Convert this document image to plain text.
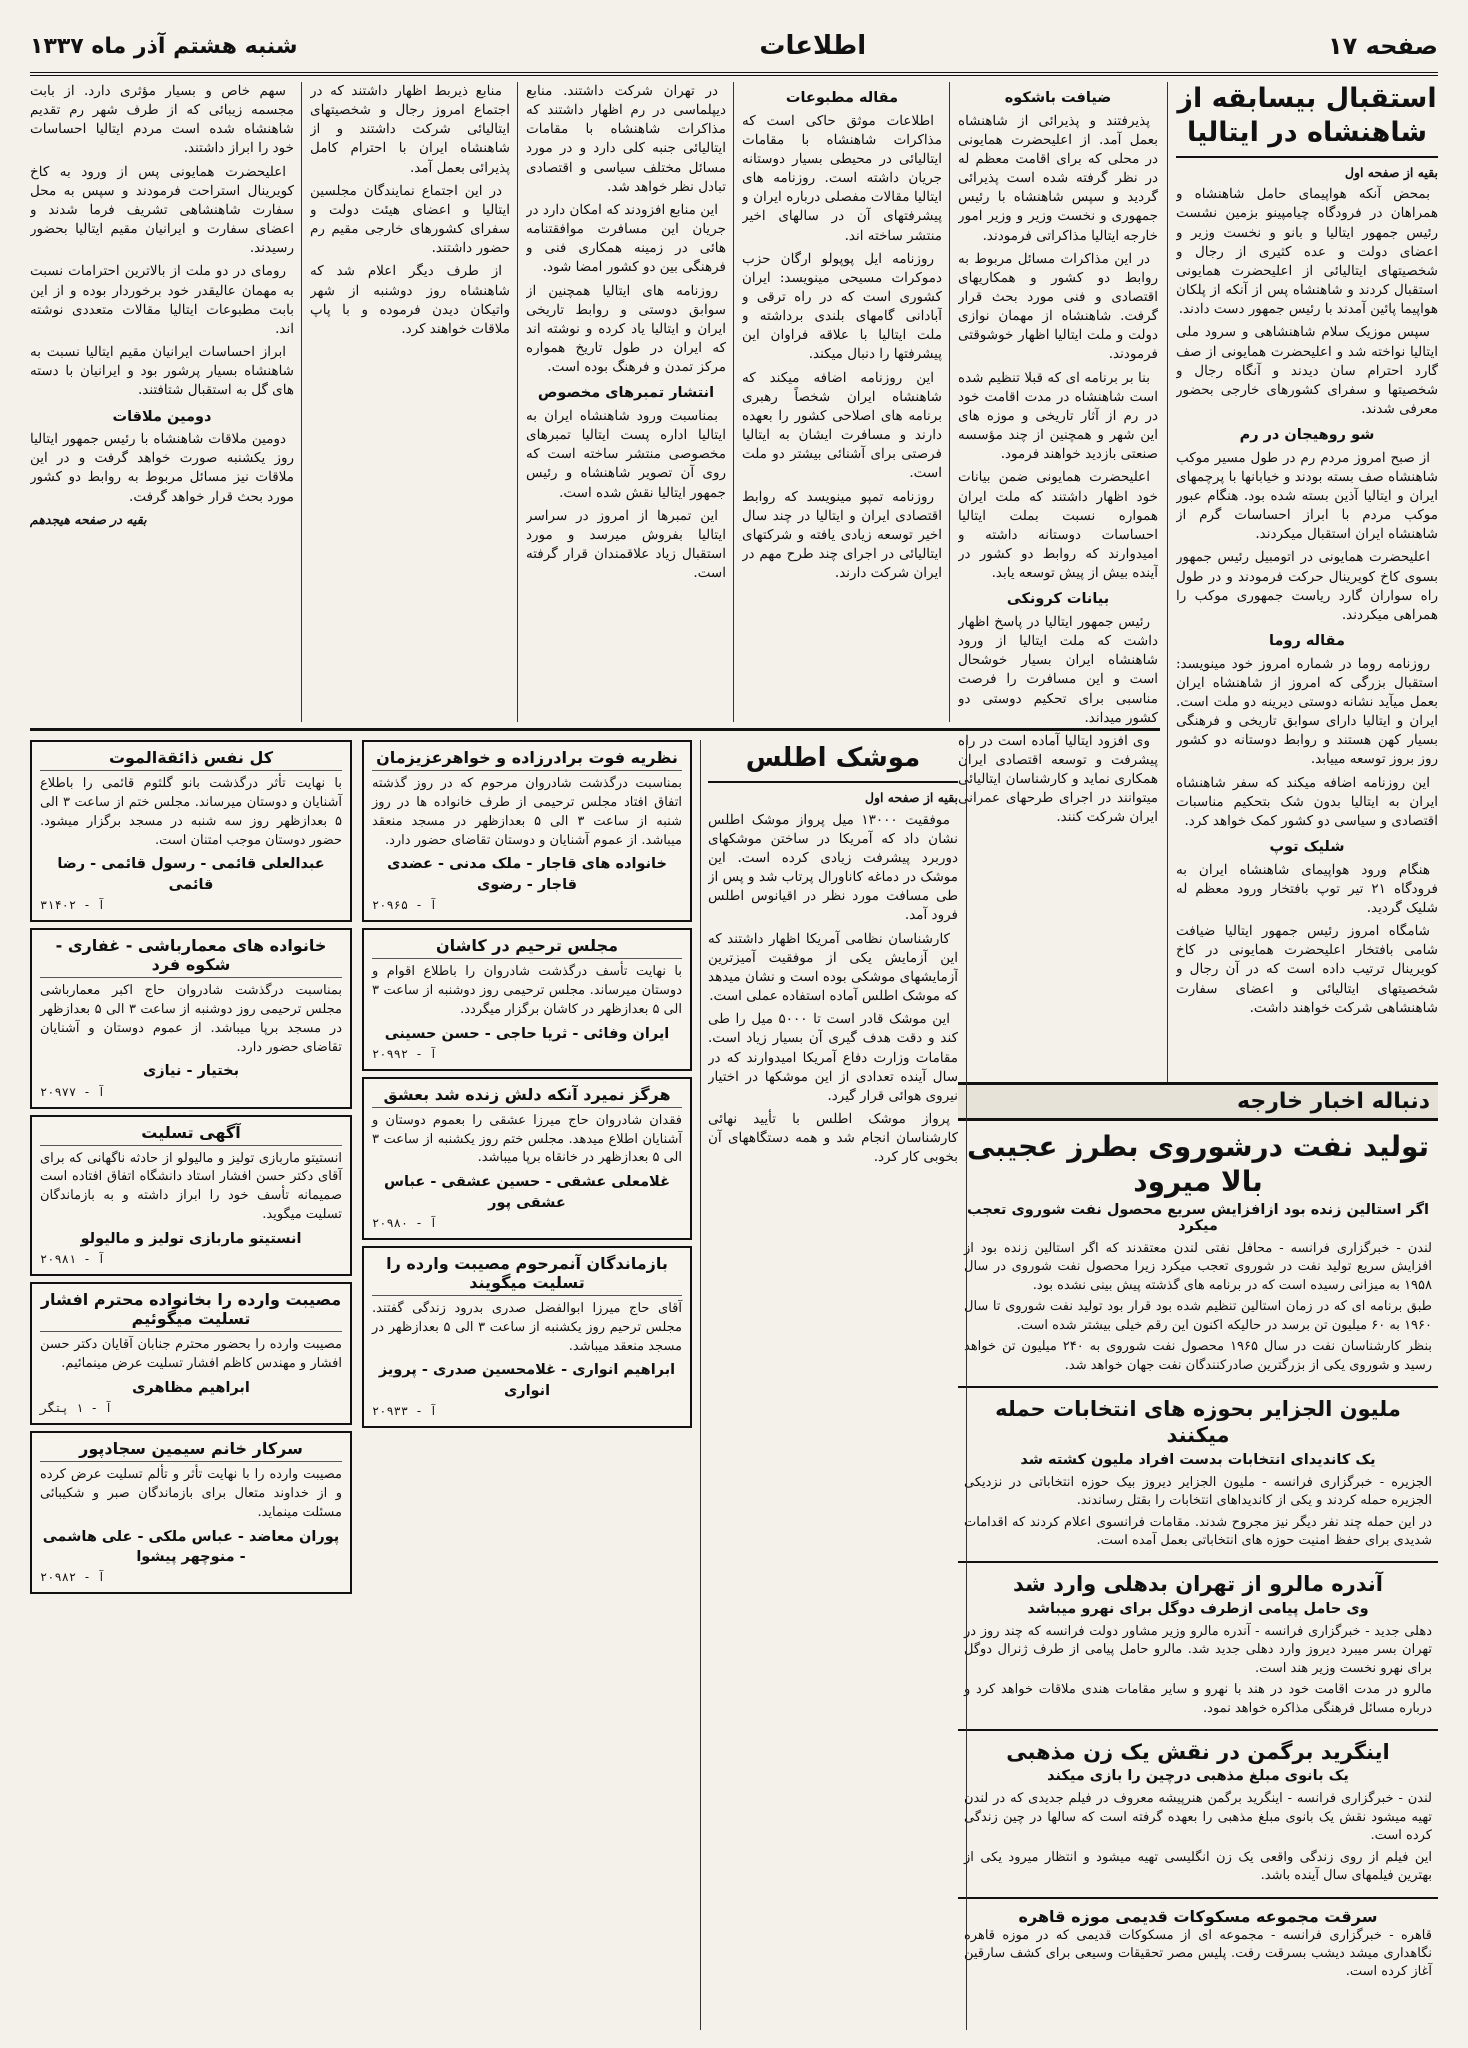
صفحه ۱۷
اطلاعات
شنبه هشتم آذر ماه ۱۳۳۷
استقبال بیسابقه از شاهنشاه در ایتالیا
بقیه از صفحه اول

بمحض آنکه هواپیمای حامل شاهنشاه و همراهان در فرودگاه چیامپینو بزمین نشست رئیس جمهور ایتالیا و بانو و نخست وزیر و اعضای دولت و عده کثیری از رجال و شخصیتهای ایتالیائی از اعلیحضرت همایونی استقبال کردند و شاهنشاه پس از آنکه از پلکان هواپیما پائین آمدند با رئیس جمهور دست دادند.

سپس موزیک سلام شاهنشاهی و سرود ملی ایتالیا نواخته شد و اعلیحضرت همایونی از صف گارد احترام سان دیدند و آنگاه رجال و شخصیتها و سفرای کشورهای خارجی بحضور معرفی شدند.

شو روهیجان در رم

از صبح امروز مردم رم در طول مسیر موکب شاهنشاه صف بسته بودند و خیابانها با پرچمهای ایران و ایتالیا آذین بسته شده بود. هنگام عبور موکب مردم با ابراز احساسات گرم از شاهنشاه ایران استقبال میکردند.

اعلیحضرت همایونی در اتومبیل رئیس جمهور بسوی کاخ کویرینال حرکت فرمودند و در طول راه سواران گارد ریاست جمهوری موکب را همراهی میکردند.

مقاله روما

روزنامه روما در شماره امروز خود مینویسد: استقبال بزرگی که امروز از شاهنشاه ایران بعمل میآید نشانه دوستی دیرینه دو ملت است. ایران و ایتالیا دارای سوابق تاریخی و فرهنگی بسیار کهن هستند و روابط دوستانه دو کشور روز بروز توسعه مییابد.

این روزنامه اضافه میکند که سفر شاهنشاه ایران به ایتالیا بدون شک بتحکیم مناسبات اقتصادی و سیاسی دو کشور کمک خواهد کرد.

شلیک توپ

هنگام ورود هواپیمای شاهنشاه ایران به فرودگاه ۲۱ تیر توپ بافتخار ورود معظم له شلیک گردید.

شامگاه امروز رئیس جمهور ایتالیا ضیافت شامی بافتخار اعلیحضرت همایونی در کاخ کویرینال ترتیب داده است که در آن رجال و شخصیتهای ایتالیائی و اعضای سفارت شاهنشاهی شرکت خواهند داشت.

ضیافت باشکوه

پذیرفتند و پذیرائی از شاهنشاه بعمل آمد. از اعلیحضرت همایونی در محلی که برای اقامت معظم له در نظر گرفته شده است پذیرائی گردید و سپس شاهنشاه با رئیس جمهوری و نخست وزیر و وزیر امور خارجه ایتالیا مذاکراتی فرمودند.

در این مذاکرات مسائل مربوط به روابط دو کشور و همکاریهای اقتصادی و فنی مورد بحث قرار گرفت. شاهنشاه از مهمان نوازی دولت و ملت ایتالیا اظهار خوشوقتی فرمودند.

بنا بر برنامه ای که قبلا تنظیم شده است شاهنشاه در مدت اقامت خود در رم از آثار تاریخی و موزه های این شهر و همچنین از چند مؤسسه صنعتی بازدید خواهند فرمود.

اعلیحضرت همایونی ضمن بیانات خود اظهار داشتند که ملت ایران همواره نسبت بملت ایتالیا احساسات دوستانه داشته و امیدوارند که روابط دو کشور در آینده بیش از پیش توسعه یابد.

بیانات کرونکی

رئیس جمهور ایتالیا در پاسخ اظهار داشت که ملت ایتالیا از ورود شاهنشاه ایران بسیار خوشحال است و این مسافرت را فرصت مناسبی برای تحکیم دوستی دو کشور میداند.

وی افزود ایتالیا آماده است در راه پیشرفت و توسعه اقتصادی ایران همکاری نماید و کارشناسان ایتالیائی میتوانند در اجرای طرحهای عمرانی ایران شرکت کنند.

مقاله مطبوعات

اطلاعات موثق حاکی است که مذاکرات شاهنشاه با مقامات ایتالیائی در محیطی بسیار دوستانه جریان داشته است. روزنامه های ایتالیا مقالات مفصلی درباره ایران و پیشرفتهای آن در سالهای اخیر منتشر ساخته اند.

روزنامه ایل پوپولو ارگان حزب دموکرات مسیحی مینویسد: ایران کشوری است که در راه ترقی و آبادانی گامهای بلندی برداشته و ملت ایتالیا با علاقه فراوان این پیشرفتها را دنبال میکند.

این روزنامه اضافه میکند که شاهنشاه ایران شخصاً رهبری برنامه های اصلاحی کشور را بعهده دارند و مسافرت ایشان به ایتالیا فرصتی برای آشنائی بیشتر دو ملت است.

روزنامه تمپو مینویسد که روابط اقتصادی ایران و ایتالیا در چند سال اخیر توسعه زیادی یافته و شرکتهای ایتالیائی در اجرای چند طرح مهم در ایران شرکت دارند.

در تهران شرکت داشتند. منابع دیپلماسی در رم اظهار داشتند که مذاکرات شاهنشاه با مقامات ایتالیائی جنبه کلی دارد و در مورد مسائل مختلف سیاسی و اقتصادی تبادل نظر خواهد شد.

این منابع افزودند که امکان دارد در جریان این مسافرت موافقتنامه هائی در زمینه همکاری فنی و فرهنگی بین دو کشور امضا شود.

روزنامه های ایتالیا همچنین از سوابق دوستی و روابط تاریخی ایران و ایتالیا یاد کرده و نوشته اند که ایران در طول تاریخ همواره مرکز تمدن و فرهنگ بوده است.

انتشار تمبرهای مخصوص

بمناسبت ورود شاهنشاه ایران به ایتالیا اداره پست ایتالیا تمبرهای مخصوصی منتشر ساخته است که روی آن تصویر شاهنشاه و رئیس جمهور ایتالیا نقش شده است.

این تمبرها از امروز در سراسر ایتالیا بفروش میرسد و مورد استقبال زیاد علاقمندان قرار گرفته است.

منابع ذیربط اظهار داشتند که در اجتماع امروز رجال و شخصیتهای ایتالیائی شرکت داشتند و از شاهنشاه ایران با احترام کامل پذیرائی بعمل آمد.

در این اجتماع نمایندگان مجلسین ایتالیا و اعضای هیئت دولت و سفرای کشورهای خارجی مقیم رم حضور داشتند.

از طرف دیگر اعلام شد که شاهنشاه روز دوشنبه از شهر واتیکان دیدن فرموده و با پاپ ملاقات خواهند کرد.

سهم خاص و بسیار مؤثری دارد. از بابت مجسمه زیبائی که از طرف شهر رم تقدیم شاهنشاه شده است مردم ایتالیا احساسات خود را ابراز داشتند.

اعلیحضرت همایونی پس از ورود به کاخ کویرینال استراحت فرمودند و سپس به محل سفارت شاهنشاهی تشریف فرما شدند و اعضای سفارت و ایرانیان مقیم ایتالیا بحضور رسیدند.

رومای در دو ملت از بالاترین احترامات نسبت به مهمان عالیقدر خود برخوردار بوده و از این بابت مطبوعات ایتالیا مقالات متعددی نوشته اند.

ابراز احساسات ایرانیان مقیم ایتالیا نسبت به شاهنشاه بسیار پرشور بود و ایرانیان با دسته های گل به استقبال شتافتند.

دومین ملاقات

دومین ملاقات شاهنشاه با رئیس جمهور ایتالیا روز یکشنبه صورت خواهد گرفت و در این ملاقات نیز مسائل مربوط به روابط دو کشور مورد بحث قرار خواهد گرفت.

بقیه در صفحه هیجدهم
دنباله اخبار خارجه
تولید نفت درشوروی بطرز عجیبی بالا میرود
اگر استالین زنده بود ازافزایش سریع محصول نفت شوروی تعجب میکرد

لندن - خبرگزاری فرانسه - محافل نفتی لندن معتقدند که اگر استالین زنده بود از افزایش سریع تولید نفت در شوروی تعجب میکرد زیرا محصول نفت شوروی در سال ۱۹۵۸ به میزانی رسیده است که در برنامه های گذشته پیش بینی نشده بود.

طبق برنامه ای که در زمان استالین تنظیم شده بود قرار بود تولید نفت شوروی تا سال ۱۹۶۰ به ۶۰ میلیون تن برسد در حالیکه اکنون این رقم خیلی بیشتر شده است.

بنظر کارشناسان نفت در سال ۱۹۶۵ محصول نفت شوروی به ۲۴۰ میلیون تن خواهد رسید و شوروی یکی از بزرگترین صادرکنندگان نفت جهان خواهد شد.

ملیون الجزایر بحوزه های انتخابات حمله میکنند
یک کاندیدای انتخابات بدست افراد ملیون کشته شد

الجزیره - خبرگزاری فرانسه - ملیون الجزایر دیروز بیک حوزه انتخاباتی در نزدیکی الجزیره حمله کردند و یکی از کاندیداهای انتخابات را بقتل رساندند.

در این حمله چند نفر دیگر نیز مجروح شدند. مقامات فرانسوی اعلام کردند که اقدامات شدیدی برای حفظ امنیت حوزه های انتخاباتی بعمل آمده است.

آندره مالرو از تهران بدهلی وارد شد
وی حامل پیامی ازطرف دوگل برای نهرو میباشد

دهلی جدید - خبرگزاری فرانسه - آندره مالرو وزیر مشاور دولت فرانسه که چند روز در تهران بسر میبرد دیروز وارد دهلی جدید شد. مالرو حامل پیامی از طرف ژنرال دوگل برای نهرو نخست وزیر هند است.

مالرو در مدت اقامت خود در هند با نهرو و سایر مقامات هندی ملاقات خواهد کرد و درباره مسائل فرهنگی مذاکره خواهد نمود.

اینگرید برگمن در نقش یک زن مذهبی
یک بانوی مبلغ مذهبی درچین را بازی میکند

لندن - خبرگزاری فرانسه - اینگرید برگمن هنرپیشه معروف در فیلم جدیدی که در لندن تهیه میشود نقش یک بانوی مبلغ مذهبی را بعهده گرفته است که سالها در چین زندگی کرده است.

این فیلم از روی زندگی واقعی یک زن انگلیسی تهیه میشود و انتظار میرود یکی از بهترین فیلمهای سال آینده باشد.

سرقت مجموعه مسکوکات قدیمی موزه قاهره

قاهره - خبرگزاری فرانسه - مجموعه ای از مسکوکات قدیمی که در موزه قاهره نگاهداری میشد دیشب بسرقت رفت. پلیس مصر تحقیقات وسیعی برای کشف سارقین آغاز کرده است.

کل نفس ذائقةالموت
با نهایت تأثر درگذشت بانو گلثوم قائمی را باطلاع آشنایان و دوستان میرساند. مجلس ختم از ساعت ۳ الی ۵ بعدازظهر روز سه شنبه در مسجد برگزار میشود. حضور دوستان موجب امتنان است.
عبدالعلی قائمی - رسول قائمی - رضا قائمی
آ - ۳۱۴۰۲
خانواده های معمارباشی - غفاری - شکوه فرد
بمناسبت درگذشت شادروان حاج اکبر معمارباشی مجلس ترحیمی روز دوشنبه از ساعت ۳ الی ۵ بعدازظهر در مسجد برپا میباشد. از عموم دوستان و آشنایان تقاضای حضور دارد.
بختیار - نیازی
آ - ۲۰۹۷۷
آگهی تسلیت
انستیتو ماربازی تولیز و مالیولو از حادثه ناگهانی که برای آقای دکتر حسن افشار استاد دانشگاه اتفاق افتاده است صمیمانه تأسف خود را ابراز داشته و به بازماندگان تسلیت میگوید.
انستیتو ماربازی تولیز و مالیولو
آ - ۲۰۹۸۱
مصیبت وارده را بخانواده محترم افشار تسلیت میگوئیم
مصیبت وارده را بحضور محترم جنابان آقایان دکتر حسن افشار و مهندس کاظم افشار تسلیت عرض مینمائیم.
ابراهیم مظاهری
آ - ۱ پتگر
سرکار خانم سیمین سجادپور
مصیبت وارده را با نهایت تأثر و تألم تسلیت عرض کرده و از خداوند متعال برای بازماندگان صبر و شکیبائی مسئلت مینماید.
پوران معاضد - عباس ملکی - علی هاشمی - منوچهر پیشوا
آ - ۲۰۹۸۲
نظریه فوت برادرزاده و خواهرعزیزمان
بمناسبت درگذشت شادروان مرحوم که در روز گذشته اتفاق افتاد مجلس ترحیمی از طرف خانواده ها در روز شنبه از ساعت ۳ الی ۵ بعدازظهر در مسجد منعقد میباشد. از عموم آشنایان و دوستان تقاضای حضور دارد.
خانواده های قاجار - ملک مدنی - عضدی قاجار - رضوی
آ - ۲۰۹۶۵
مجلس ترحیم در کاشان
با نهایت تأسف درگذشت شادروان را باطلاع اقوام و دوستان میرساند. مجلس ترحیمی روز دوشنبه از ساعت ۳ الی ۵ بعدازظهر در کاشان برگزار میگردد.
ایران وفائی - ثریا حاجی - حسن حسینی
آ - ۲۰۹۹۲
هرگز نمیرد آنکه دلش زنده شد بعشق
فقدان شادروان حاج میرزا عشقی را بعموم دوستان و آشنایان اطلاع میدهد. مجلس ختم روز یکشنبه از ساعت ۳ الی ۵ بعدازظهر در خانقاه برپا میباشد.
غلامعلی عشقی - حسین عشقی - عباس عشقی پور
آ - ۲۰۹۸۰
بازماندگان آنمرحوم مصیبت وارده را تسلیت میگویند
آقای حاج میرزا ابوالفضل صدری بدرود زندگی گفتند. مجلس ترحیم روز یکشنبه از ساعت ۳ الی ۵ بعدازظهر در مسجد منعقد میباشد.
ابراهیم انواری - غلامحسین صدری - پرویز انواری
آ - ۲۰۹۳۳
موشک اطلس
بقیه از صفحه اول

موفقیت ۱۳۰۰۰ میل پرواز موشک اطلس نشان داد که آمریکا در ساختن موشکهای دوربرد پیشرفت زیادی کرده است. این موشک در دماغه کاناورال پرتاب شد و پس از طی مسافت مورد نظر در اقیانوس اطلس فرود آمد.

کارشناسان نظامی آمریکا اظهار داشتند که این آزمایش یکی از موفقیت آمیزترین آزمایشهای موشکی بوده است و نشان میدهد که موشک اطلس آماده استفاده عملی است.

این موشک قادر است تا ۵۰۰۰ میل را طی کند و دقت هدف گیری آن بسیار زیاد است. مقامات وزارت دفاع آمریکا امیدوارند که در سال آینده تعدادی از این موشکها در اختیار نیروی هوائی قرار گیرد.

پرواز موشک اطلس با تأیید نهائی کارشناسان انجام شد و همه دستگاههای آن بخوبی کار کرد.
